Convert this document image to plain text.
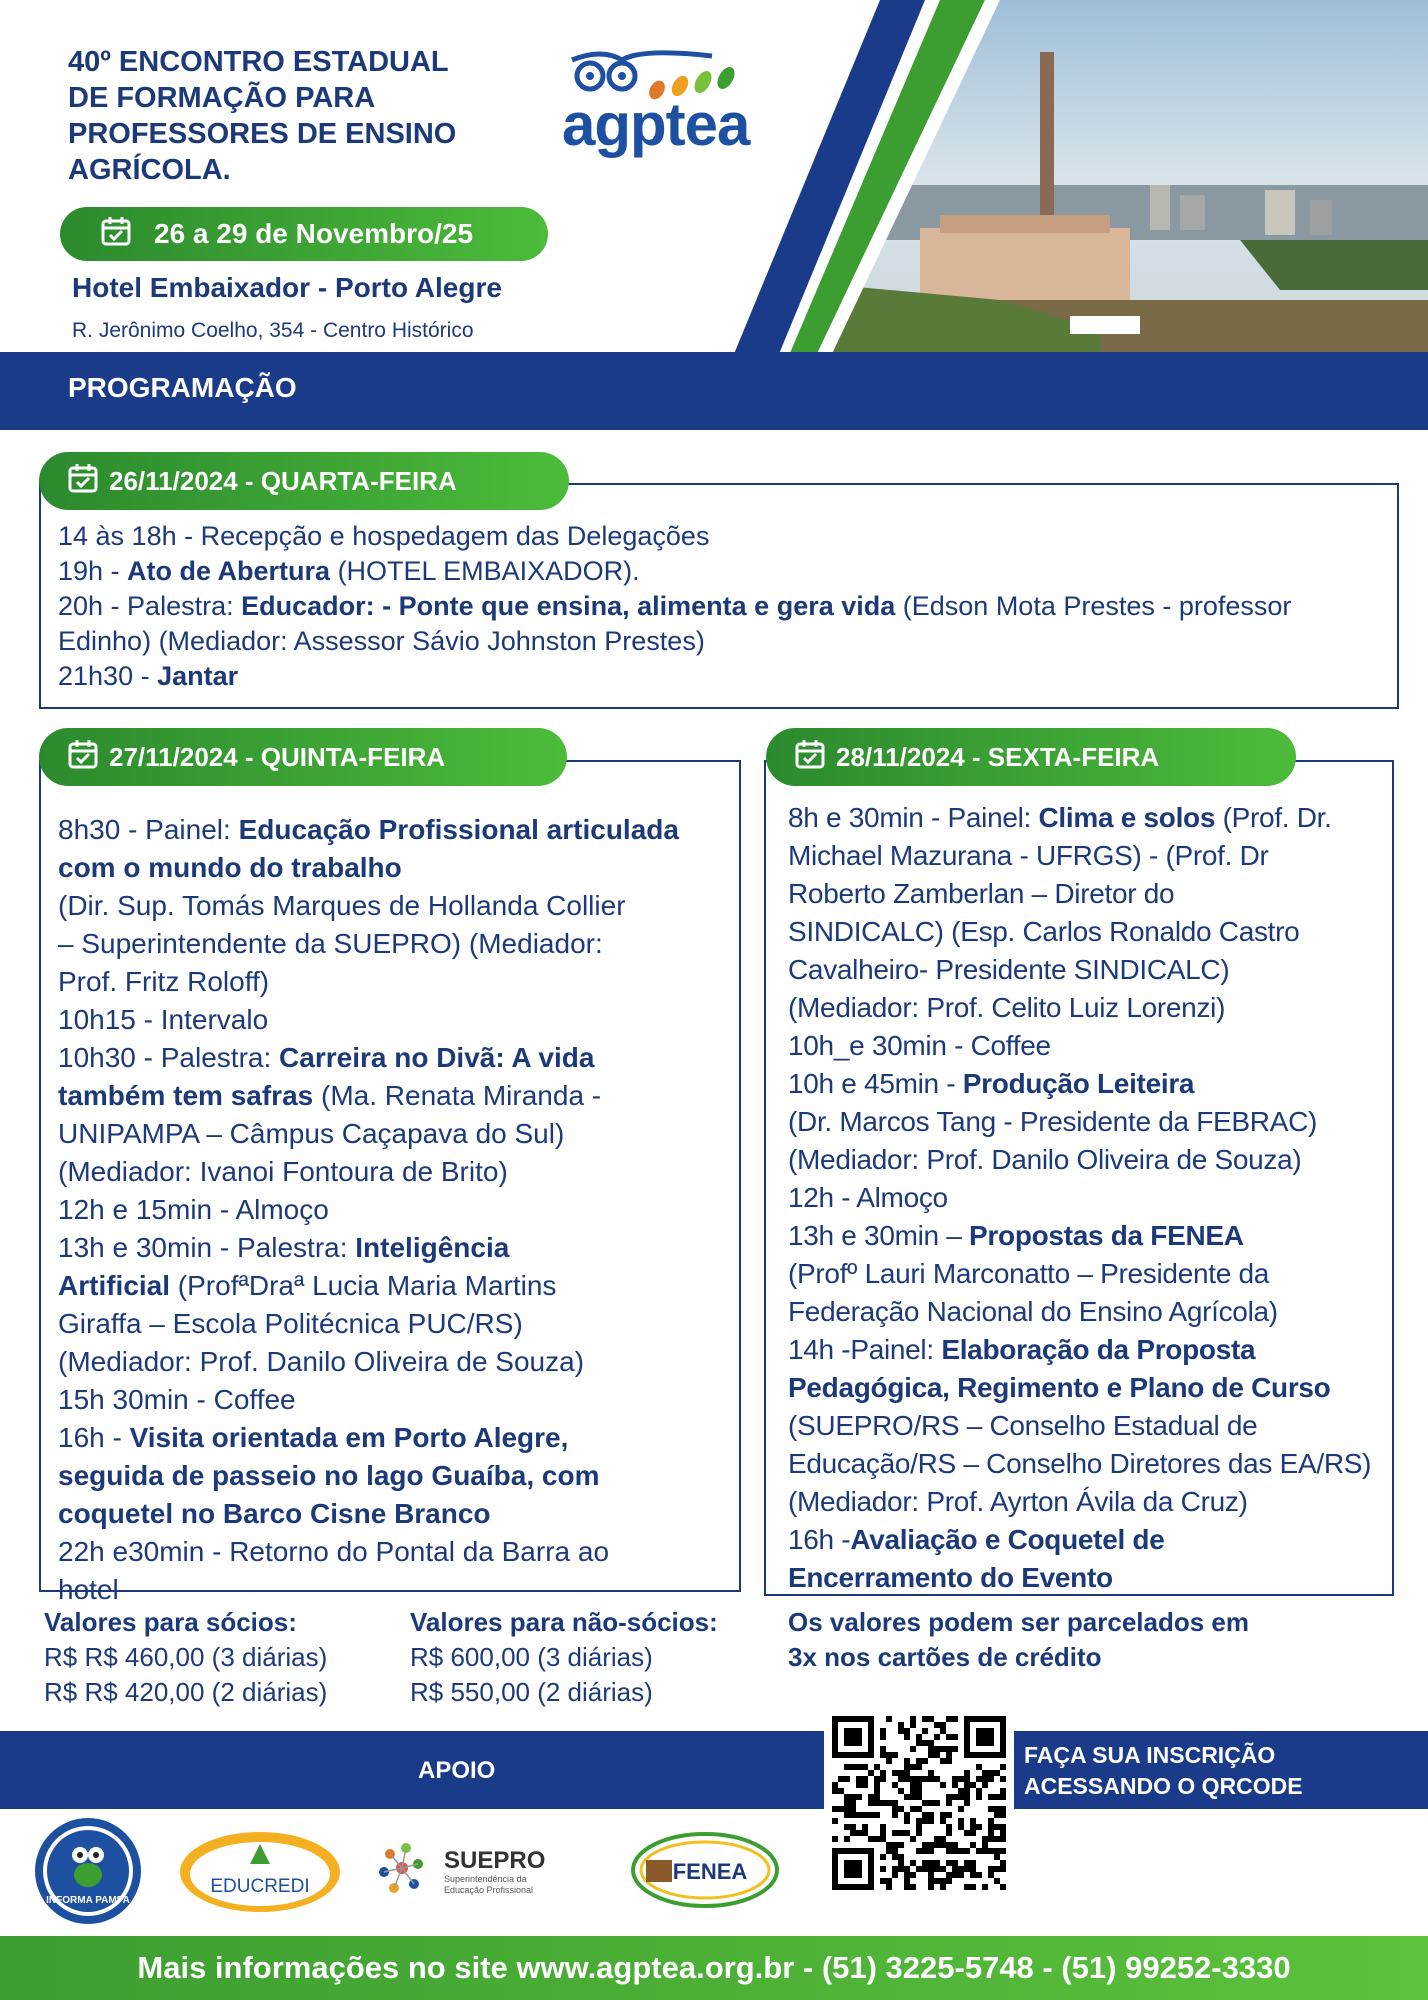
40º ENCONTRO ESTADUAL
DE FORMAÇÃO PARA
PROFESSORES DE ENSINO
AGRÍCOLA.
agptea
26 a 29 de Novembro/25
Hotel Embaixador - Porto Alegre
R. Jerônimo Coelho, 354 - Centro Histórico
PROGRAMAÇÃO
26/11/2024 - QUARTA-FEIRA
14 às 18h - Recepção e hospedagem das Delegações
19h - Ato de Abertura (HOTEL EMBAIXADOR).
20h - Palestra: Educador: - Ponte que ensina, alimenta e gera vida (Edson Mota Prestes - professor
Edinho) (Mediador: Assessor Sávio Johnston Prestes)
21h30 - Jantar
27/11/2024 - QUINTA-FEIRA
8h30 - Painel: Educação Profissional articulada
com o mundo do trabalho
(Dir. Sup. Tomás Marques de Hollanda Collier
– Superintendente da SUEPRO) (Mediador:
Prof. Fritz Roloff)
10h15 - Intervalo
10h30 - Palestra: Carreira no Divã: A vida
também tem safras (Ma. Renata Miranda -
UNIPAMPA – Câmpus Caçapava do Sul)
(Mediador: Ivanoi Fontoura de Brito)
12h e 15min - Almoço
13h e 30min - Palestra: Inteligência
Artificial (ProfªDraª Lucia Maria Martins
Giraffa – Escola Politécnica PUC/RS)
(Mediador: Prof. Danilo Oliveira de Souza)
15h 30min - Coffee
16h - Visita orientada em Porto Alegre,
seguida de passeio no lago Guaíba, com
coquetel no Barco Cisne Branco
22h e30min - Retorno do Pontal da Barra ao
hotel
28/11/2024 - SEXTA-FEIRA
8h e 30min - Painel: Clima e solos (Prof. Dr.
Michael Mazurana - UFRGS) - (Prof. Dr
Roberto Zamberlan – Diretor do
SINDICALC) (Esp. Carlos Ronaldo Castro
Cavalheiro- Presidente SINDICALC)
(Mediador: Prof. Celito Luiz Lorenzi)
10h_e 30min - Coffee
10h e 45min - Produção Leiteira
(Dr. Marcos Tang - Presidente da FEBRAC)
(Mediador: Prof. Danilo Oliveira de Souza)
12h - Almoço
13h e 30min – Propostas da FENEA
(Profº Lauri Marconatto – Presidente da
Federação Nacional do Ensino Agrícola)
14h -Painel: Elaboração da Proposta
Pedagógica, Regimento e Plano de Curso
(SUEPRO/RS – Conselho Estadual de
Educação/RS – Conselho Diretores das EA/RS)
(Mediador: Prof. Ayrton Ávila da Cruz)
16h -Avaliação e Coquetel de
Encerramento do Evento
Valores para sócios:
R$ R$ 460,00 (3 diárias)
R$ R$ 420,00 (2 diárias)
Valores para não-sócios:
R$ 600,00 (3 diárias)
R$ 550,00 (2 diárias)
Os valores podem ser parcelados em
3x nos cartões de crédito
APOIO
FAÇA SUA INSCRIÇÃO
ACESSANDO O QRCODE
INFORMA PAMPA
EDUCREDI
SUEPRO
Superintendência da
Educação Profissional
FENEA
Mais informações no site www.agptea.org.br - (51) 3225-5748 - (51) 99252-3330
